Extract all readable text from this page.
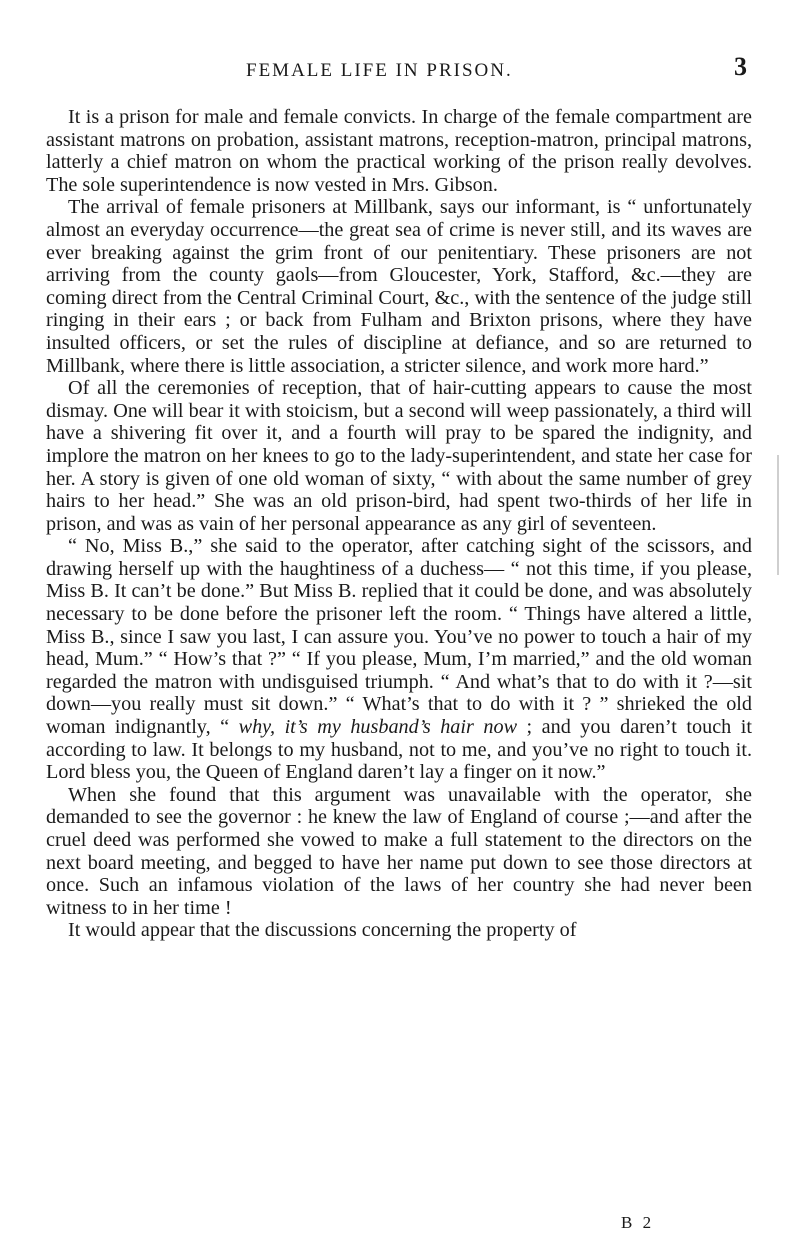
FEMALE LIFE IN PRISON.	3

It is a prison for male and female convicts. In charge of the female compartment are assistant matrons on probation, assistant matrons, reception-matron, principal matrons, latterly a chief matron on whom the practical working of the prison really devolves. The sole superintendence is now vested in Mrs. Gibson.

The arrival of female prisoners at Millbank, says our informant, is “ unfortunately almost an everyday occurrence—the great sea of crime is never still, and its waves are ever breaking against the grim front of our penitentiary. These prisoners are not arriving from the county gaols—from Gloucester, York, Stafford, &c.—they are coming direct from the Central Criminal Court, &c., with the sentence of the judge still ringing in their ears ; or back from Fulham and Brixton prisons, where they have insulted officers, or set the rules of discipline at defiance, and so are returned to Millbank, where there is little association, a stricter silence, and work more hard.”

Of all the ceremonies of reception, that of hair-cutting appears to cause the most dismay. One will bear it with stoicism, but a second will weep passionately, a third will have a shivering fit over it, and a fourth will pray to be spared the indignity, and implore the matron on her knees to go to the lady-superintendent, and state her case for her. A story is given of one old woman of sixty, “ with about the same number of grey hairs to her head.” She was an old prison-bird, had spent two-thirds of her life in prison, and was as vain of her personal appearance as any girl of seventeen.

“ No, Miss B.,” she said to the operator, after catching sight of the scissors, and drawing herself up with the haughtiness of a duchess— “ not this time, if you please, Miss B. It can’t be done.” But Miss B. replied that it could be done, and was absolutely necessary to be done before the prisoner left the room. “ Things have altered a little, Miss B., since I saw you last, I can assure you. You’ve no power to touch a hair of my head, Mum.” “ How’s that ?” “ If you please, Mum, I’m married,” and the old woman regarded the matron with undisguised triumph. “ And what’s that to do with it ?—sit down—you really must sit down.” “ What’s that to do with it ? ” shrieked the old woman indignantly, “ why, it’s my husband’s hair now ; and you daren’t touch it according to law. It belongs to my husband, not to me, and you’ve no right to touch it. Lord bless you, the Queen of England daren’t lay a finger on it now.”

When she found that this argument was unavailable with the operator, she demanded to see the governor : he knew the law of England of course ;—and after the cruel deed was performed she vowed to make a full statement to the directors on the next board meeting, and begged to have her name put down to see those directors at once. Such an infamous violation of the laws of her country she had never been witness to in her time !

It would appear that the discussions concerning the property of

B 2
